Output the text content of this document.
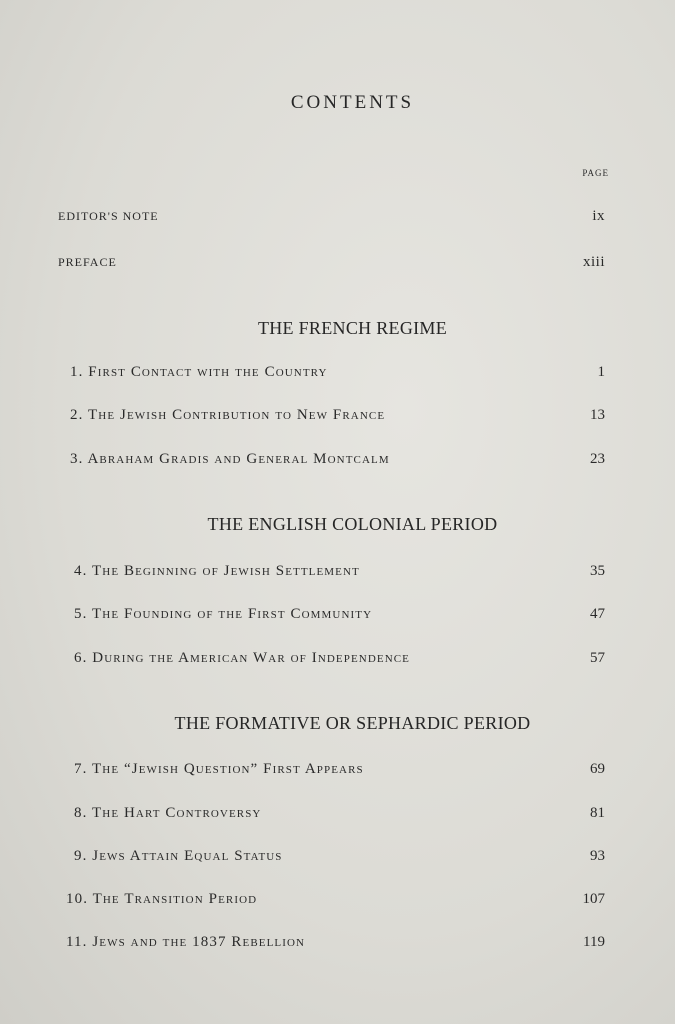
CONTENTS
page
EDITOR'S NOTE	ix
PREFACE	xiii
THE FRENCH REGIME
1. First Contact with the Country	1
2. The Jewish Contribution to New France	13
3. Abraham Gradis and General Montcalm	23
THE ENGLISH COLONIAL PERIOD
4. The Beginning of Jewish Settlement	35
5. The Founding of the First Community	47
6. During the American War of Independence	57
THE FORMATIVE OR SEPHARDIC PERIOD
7. The “Jewish Question” First Appears	69
8. The Hart Controversy	81
9. Jews Attain Equal Status	93
10. The Transition Period	107
11. Jews and the 1837 Rebellion	119
